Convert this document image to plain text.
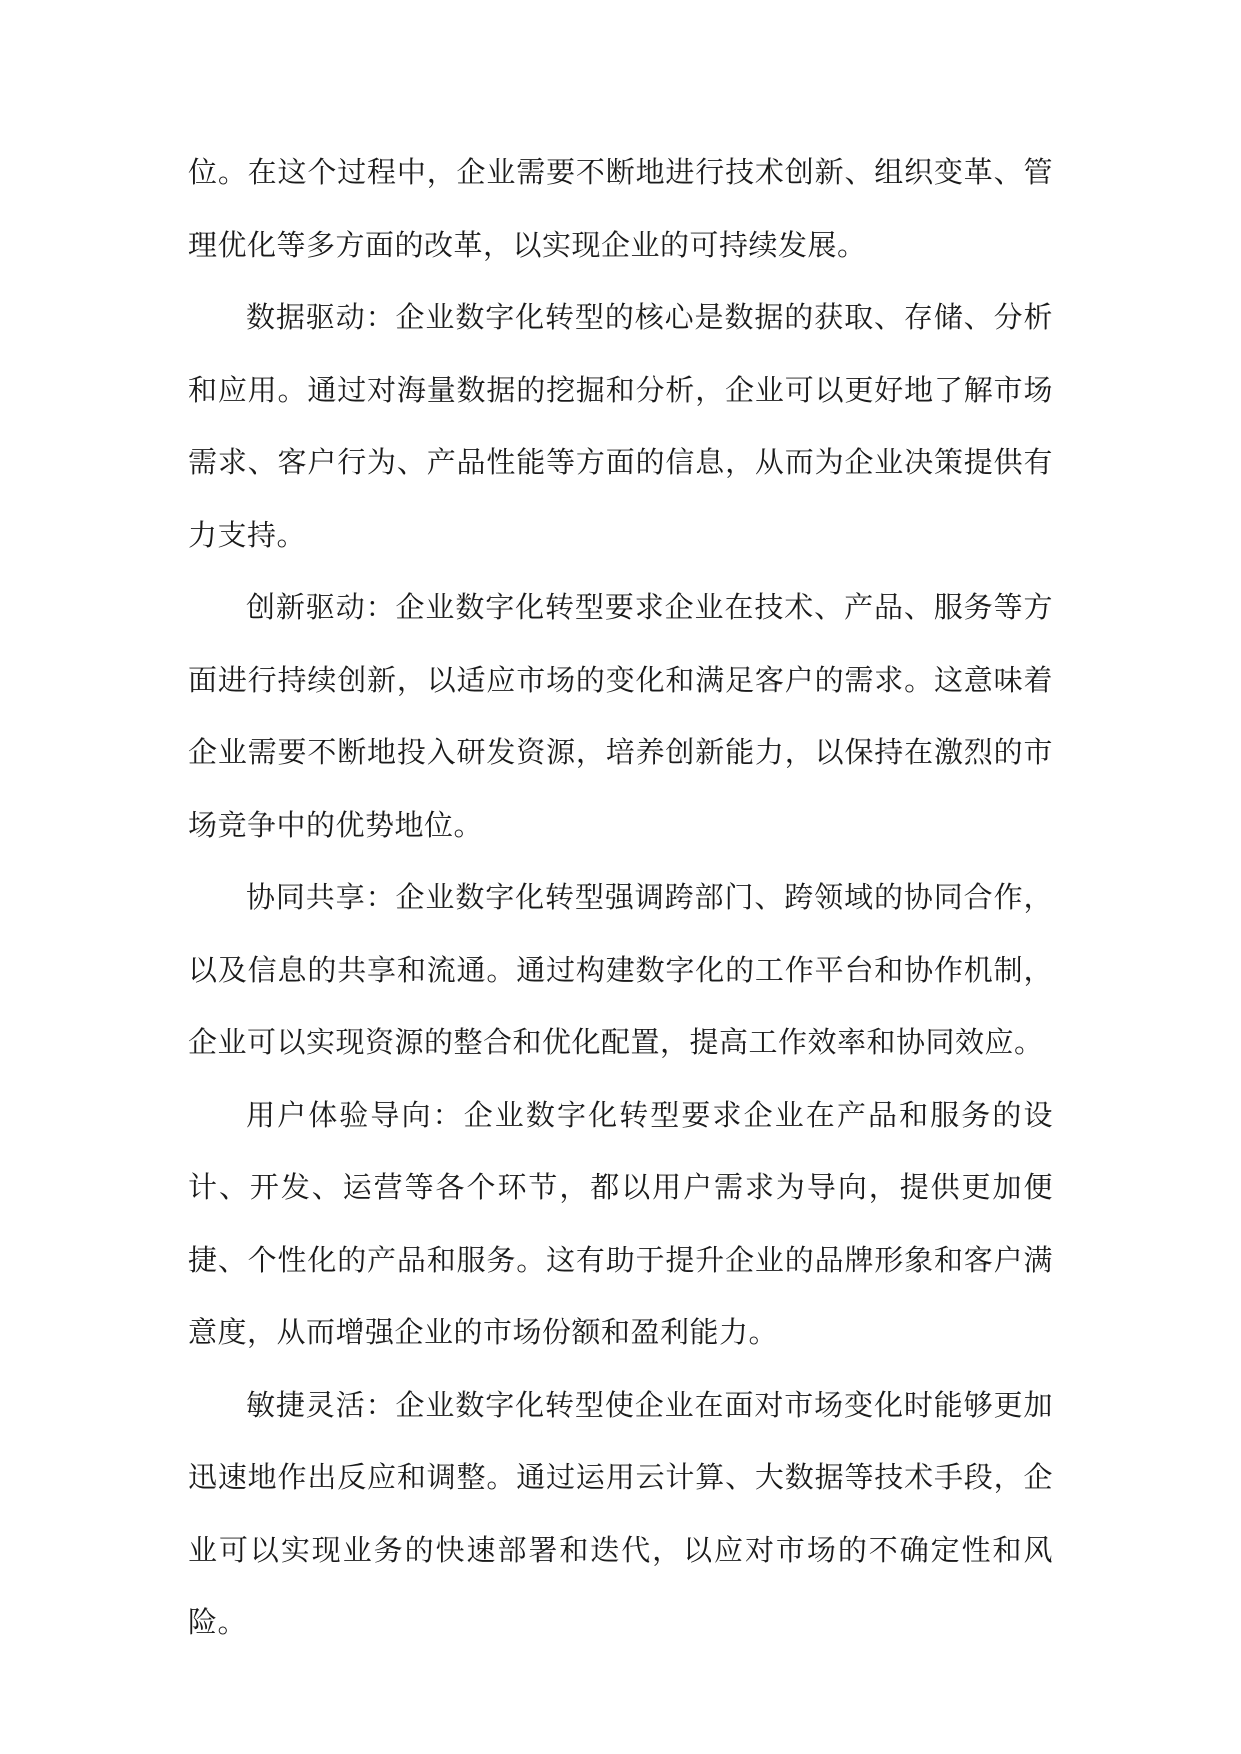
位。在这个过程中，企业需要不断地进行技术创新、组织变革、管理优化等多方面的改革，以实现企业的可持续发展。

数据驱动：企业数字化转型的核心是数据的获取、存储、分析和应用。通过对海量数据的挖掘和分析，企业可以更好地了解市场需求、客户行为、产品性能等方面的信息，从而为企业决策提供有力支持。

创新驱动：企业数字化转型要求企业在技术、产品、服务等方面进行持续创新，以适应市场的变化和满足客户的需求。这意味着企业需要不断地投入研发资源，培养创新能力，以保持在激烈的市场竞争中的优势地位。

协同共享：企业数字化转型强调跨部门、跨领域的协同合作，以及信息的共享和流通。通过构建数字化的工作平台和协作机制，企业可以实现资源的整合和优化配置，提高工作效率和协同效应。

用户体验导向：企业数字化转型要求企业在产品和服务的设计、开发、运营等各个环节，都以用户需求为导向，提供更加便捷、个性化的产品和服务。这有助于提升企业的品牌形象和客户满意度，从而增强企业的市场份额和盈利能力。

敏捷灵活：企业数字化转型使企业在面对市场变化时能够更加迅速地作出反应和调整。通过运用云计算、大数据等技术手段，企业可以实现业务的快速部署和迭代，以应对市场的不确定性和风险。
